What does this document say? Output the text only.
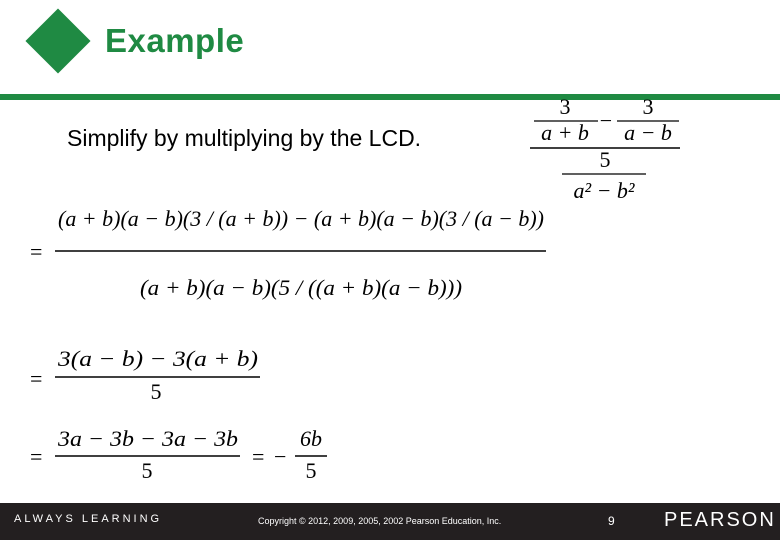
Example
Simplify by multiplying by the LCD.
3
a + b −
3
a − b
5
a² − b²
=
(a + b)(a − b)(3 / (a + b)) − (a + b)(a − b)(3 / (a − b))
(a + b)(a − b)(5 / ((a + b)(a − b)))
=
3(a − b) − 3(a + b)
5
=
3a − 3b − 3a − 3b
5
= −
6b
5
ALWAYS LEARNING	Copyright © 2012, 2009, 2005, 2002 Pearson Education, Inc.	9 PEARSON
